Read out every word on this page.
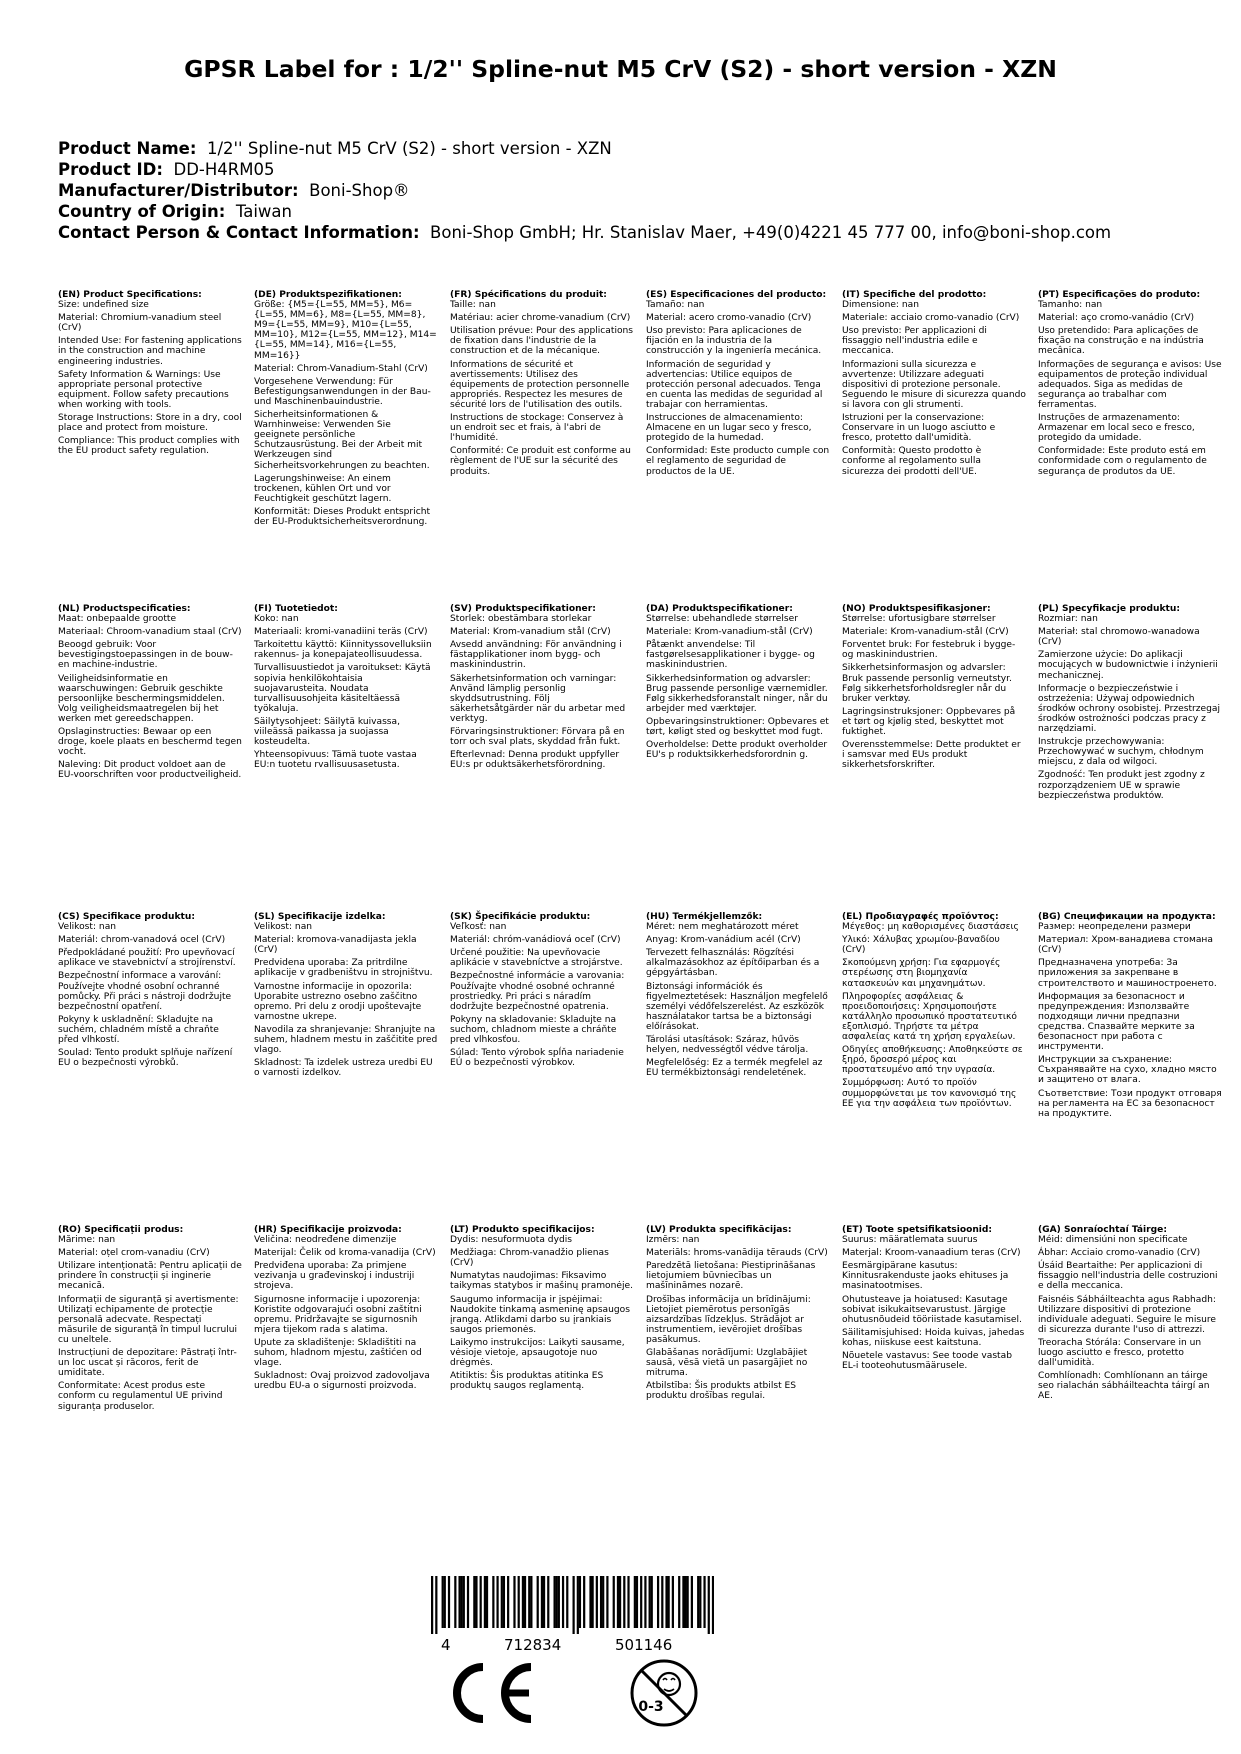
GPSR Label for : 1/2'' Spline-nut M5 CrV (S2) - short version - XZN
Product Name: 1/2'' Spline-nut M5 CrV (S2) - short version - XZN
Product ID: DD-H4RM05
Manufacturer/Distributor: Boni-Shop®
Country of Origin: Taiwan
Contact Person & Contact Information: Boni-Shop GmbH; Hr. Stanislav Maer, +49(0)4221 45 777 00, info@boni-shop.com
(EN) Product Specifications:
Size: undefined size
Material: Chromium-vanadium steel (CrV)
Intended Use: For fastening applications in the construction and machine engineering industries.
Safety Information & Warnings: Use appropriate personal protective equipment. Follow safety precautions when working with tools.
Storage Instructions: Store in a dry, cool place and protect from moisture.
Compliance: This product complies with the EU product safety regulation.
(DE) Produktspezifikationen:
Größe: {M5={L=55, MM=5}, M6={L=55, MM=6}, M8={L=55, MM=8}, M9={L=55, MM=9}, M10={L=55, MM=10}, M12={L=55, MM=12}, M14={L=55, MM=14}, M16={L=55, MM=16}}
Material: Chrom-Vanadium-Stahl (CrV)
Vorgesehene Verwendung: Für Befestigungsanwendungen in der Bau- und Maschinenbauindustrie.
Sicherheitsinformationen & Warnhinweise: Verwenden Sie geeignete persönliche Schutzausrüstung. Bei der Arbeit mit Werkzeugen sind Sicherheitsvorkehrungen zu beachten.
Lagerungshinweise: An einem trockenen, kühlen Ort und vor Feuchtigkeit geschützt lagern.
Konformität: Dieses Produkt entspricht der EU-Produktsicherheitsverordnung.
(FR) Spécifications du produit:
Taille: nan
Matériau: acier chrome-vanadium (CrV)
Utilisation prévue: Pour des applications de fixation dans l'industrie de la construction et de la mécanique.
Informations de sécurité et avertissements: Utilisez des équipements de protection personnelle appropriés. Respectez les mesures de sécurité lors de l'utilisation des outils.
Instructions de stockage: Conservez à un endroit sec et frais, à l'abri de l'humidité.
Conformité: Ce produit est conforme au règlement de l'UE sur la sécurité des produits.
(ES) Especificaciones del producto:
Tamaño: nan
Material: acero cromo-vanadio (CrV)
Uso previsto: Para aplicaciones de fijación en la industria de la construcción y la ingeniería mecánica.
Información de seguridad y advertencias: Utilice equipos de protección personal adecuados. Tenga en cuenta las medidas de seguridad al trabajar con herramientas.
Instrucciones de almacenamiento: Almacene en un lugar seco y fresco, protegido de la humedad.
Conformidad: Este producto cumple con el reglamento de seguridad de productos de la UE.
(IT) Specifiche del prodotto:
Dimensione: nan
Materiale: acciaio cromo-vanadio (CrV)
Uso previsto: Per applicazioni di fissaggio nell'industria edile e meccanica.
Informazioni sulla sicurezza e avvertenze: Utilizzare adeguati dispositivi di protezione personale. Seguendo le misure di sicurezza quando si lavora con gli strumenti.
Istruzioni per la conservazione: Conservare in un luogo asciutto e fresco, protetto dall'umidità.
Conformità: Questo prodotto è conforme al regolamento sulla sicurezza dei prodotti dell'UE.
(PT) Especificações do produto:
Tamanho: nan
Material: aço cromo-vanádio (CrV)
Uso pretendido: Para aplicações de fixação na construção e na indústria mecânica.
Informações de segurança e avisos: Use equipamentos de proteção individual adequados. Siga as medidas de segurança ao trabalhar com ferramentas.
Instruções de armazenamento: Armazenar em local seco e fresco, protegido da umidade.
Conformidade: Este produto está em conformidade com o regulamento de segurança de produtos da UE.
(NL) Productspecificaties:
Maat: onbepaalde grootte
Materiaal: Chroom-vanadium staal (CrV)
Beoogd gebruik: Voor bevestigingstoepassingen in de bouw- en machine-industrie.
Veiligheidsinformatie en waarschuwingen: Gebruik geschikte persoonlijke beschermingsmiddelen. Volg veiligheidsmaatregelen bij het werken met gereedschappen.
Opslaginstructies: Bewaar op een droge, koele plaats en beschermd tegen vocht.
Naleving: Dit product voldoet aan de EU-voorschriften voor productveiligheid.
(FI) Tuotetiedot:
Koko: nan
Materiaali: kromi-vanadiini teräs (CrV)
Tarkoitettu käyttö: Kiinnityssovelluksiin rakennus- ja konepajateollisuudessa.
Turvallisuustiedot ja varoitukset: Käytä sopivia henkilökohtaisia suojavarusteita. Noudata turvallisuusohjeita käsiteltäessä työkaluja.
Säilytysohjeet: Säilytä kuivassa, viileässä paikassa ja suojassa kosteudelta.
Yhteensopivuus: Tämä tuote vastaa EU:n tuotetu rvallisuusasetusta.
(SV) Produktspecifikationer:
Storlek: obestämbara storlekar
Material: Krom-vanadium stål (CrV)
Avsedd användning: För användning i fästapplikationer inom bygg- och maskinindustrin.
Säkerhetsinformation och varningar: Använd lämplig personlig skyddsutrustning. Följ säkerhetsåtgärder när du arbetar med verktyg.
Förvaringsinstruktioner: Förvara på en torr och sval plats, skyddad från fukt.
Efterlevnad: Denna produkt uppfyller EU:s pr oduktsäkerhetsförordning.
(DA) Produktspecifikationer:
Størrelse: ubehandlede størrelser
Materiale: Krom-vanadium-stål (CrV)
Påtænkt anvendelse: Til fastgørelsesapplikationer i bygge- og maskinindustrien.
Sikkerhedsinformation og advarsler: Brug passende personlige værnemidler. Følg sikkerhedsforanstalt ninger, når du arbejder med værktøjer.
Opbevaringsinstruktioner: Opbevares et tørt, køligt sted og beskyttet mod fugt.
Overholdelse: Dette produkt overholder EU's p roduktsikkerhedsforordnin g.
(NO) Produktspesifikasjoner:
Størrelse: ufortusigbare størrelser
Materiale: Krom-vanadium-stål (CrV)
Forventet bruk: For festebruk i bygge- og maskinindustrien.
Sikkerhetsinformasjon og advarsler: Bruk passende personlig verneutstyr. Følg sikkerhetsforholdsregler når du bruker verktøy.
Lagringsinstruksjoner: Oppbevares på et tørt og kjølig sted, beskyttet mot fuktighet.
Overensstemmelse: Dette produktet er i samsvar med EUs produkt sikkerhetsforskrifter.
(PL) Specyfikacje produktu:
Rozmiar: nan
Materiał: stal chromowo-wanadowa (CrV)
Zamierzone użycie: Do aplikacji mocujących w budownictwie i inżynierii mechanicznej.
Informacje o bezpieczeństwie i ostrzeżenia: Używaj odpowiednich środków ochrony osobistej. Przestrzegaj środków ostrożności podczas pracy z narzędziami.
Instrukcje przechowywania: Przechowywać w suchym, chłodnym miejscu, z dala od wilgoci.
Zgodność: Ten produkt jest zgodny z rozporządzeniem UE w sprawie bezpieczeństwa produktów.
(CS) Specifikace produktu:
Velikost: nan
Materiál: chrom-vanadová ocel (CrV)
Předpokládané použití: Pro upevňovací aplikace ve stavebnictví a strojírenství.
Bezpečnostní informace a varování: Používejte vhodné osobní ochranné pomůcky. Při práci s nástroji dodržujte bezpečnostní opatření.
Pokyny k uskladnění: Skladujte na suchém, chladném místě a chraňte před vlhkostí.
Soulad: Tento produkt splňuje nařízení EU o bezpečnosti výrobků.
(SL) Specifikacije izdelka:
Velikost: nan
Material: kromova-vanadijasta jekla (CrV)
Predvidena uporaba: Za pritrdilne aplikacije v gradbeništvu in strojništvu.
Varnostne informacije in opozorila: Uporabite ustrezno osebno zaščitno opremo. Pri delu z orodji upoštevajte varnostne ukrepe.
Navodila za shranjevanje: Shranjujte na suhem, hladnem mestu in zaščitite pred vlago.
Skladnost: Ta izdelek ustreza uredbi EU o varnosti izdelkov.
(SK) Špecifikácie produktu:
Veľkosť: nan
Materiál: chróm-vanádiová oceľ (CrV)
Určené použitie: Na upevňovacie aplikácie v stavebníctve a strojárstve.
Bezpečnostné informácie a varovania: Používajte vhodné osobné ochranné prostriedky. Pri práci s náradím dodržujte bezpečnostné opatrenia.
Pokyny na skladovanie: Skladujte na suchom, chladnom mieste a chráňte pred vlhkosťou.
Súlad: Tento výrobok spĺňa nariadenie EÚ o bezpečnosti výrobkov.
(HU) Termékjellemzők:
Méret: nem meghatározott méret
Anyag: Krom-vanádium acél (CrV)
Tervezett felhasználás: Rögzítési alkalmazásokhoz az építőiparban és a gépgyártásban.
Biztonsági információk és figyelmeztetések: Használjon megfelelő személyi védőfelszerelést. Az eszközök használatakor tartsa be a biztonsági előírásokat.
Tárolási utasítások: Száraz, hűvös helyen, nedvességtől védve tárolja.
Megfelelőség: Ez a termék megfelel az EU termékbiztonsági rendeletének.
(EL) Προδιαγραφές προϊόντος:
Μέγεθος: μη καθορισμένες διαστάσεις
Υλικό: Χάλυβας χρωμίου-βαναδίου (CrV)
Σκοπούμενη χρήση: Για εφαρμογές στερέωσης στη βιομηχανία κατασκευών και μηχανημάτων.
Πληροφορίες ασφάλειας & προειδοποιήσεις: Χρησιμοποιήστε κατάλληλο προσωπικό προστατευτικό εξοπλισμό. Τηρήστε τα μέτρα ασφαλείας κατά τη χρήση εργαλείων.
Οδηγίες αποθήκευσης: Αποθηκεύστε σε ξηρό, δροσερό μέρος και προστατευμένο από την υγρασία.
Συμμόρφωση: Αυτό το προϊόν συμμορφώνεται με τον κανονισμό της ΕΕ για την ασφάλεια των προϊόντων.
(BG) Спецификации на продукта:
Размер: неопределени размери
Материал: Хром-ванадиева стомана (CrV)
Предназначена употреба: За приложения за закрепване в строителството и машиностроенето.
Информация за безопасност и предупреждения: Използвайте подходящи лични предпазни средства. Спазвайте мерките за безопасност при работа с инструменти.
Инструкции за съхранение: Съхранявайте на сухо, хладно място и защитено от влага.
Съответствие: Този продукт отговаря на регламента на ЕС за безопасност на продуктите.
(RO) Specificații produs:
Mărime: nan
Material: oțel crom-vanadiu (CrV)
Utilizare intenționată: Pentru aplicații de prindere în construcții și inginerie mecanică.
Informații de siguranță și avertismente: Utilizați echipamente de protecție personală adecvate. Respectați măsurile de siguranță în timpul lucrului cu uneltele.
Instrucțiuni de depozitare: Păstrați într-un loc uscat și răcoros, ferit de umiditate.
Conformitate: Acest produs este conform cu regulamentul UE privind siguranța produselor.
(HR) Specifikacije proizvoda:
Veličina: neodređene dimenzije
Materijal: Čelik od kroma-vanadija (CrV)
Predviđena uporaba: Za primjene vezivanja u građevinskoj i industriji strojeva.
Sigurnosne informacije i upozorenja: Koristite odgovarajući osobni zaštitni opremu. Pridržavajte se sigurnosnih mjera tijekom rada s alatima.
Upute za skladištenje: Skladištiti na suhom, hladnom mjestu, zaštićen od vlage.
Sukladnost: Ovaj proizvod zadovoljava uredbu EU-a o sigurnosti proizvoda.
(LT) Produkto specifikacijos:
Dydis: nesuformuota dydis
Medžiaga: Chrom-vanadžio plienas (CrV)
Numatytas naudojimas: Fiksavimo taikymas statybos ir mašinų pramonėje.
Saugumo informacija ir įspėjimai: Naudokite tinkamą asmeninę apsaugos įrangą. Atlikdami darbo su įrankiais saugos priemonės.
Laikymo instrukcijos: Laikyti sausame, vėsioje vietoje, apsaugotoje nuo drėgmės.
Atitiktis: Šis produktas atitinka ES produktų saugos reglamentą.
(LV) Produkta specifikācijas:
Izmērs: nan
Materiāls: hroms-vanādija tērauds (CrV)
Paredzētā lietošana: Piestiprināšanas lietojumiem būvniecības un mašīnināmes nozarē.
Drošības informācija un brīdinājumi: Lietojiet piemērotus personīgās aizsardzības līdzekļus. Strādājot ar instrumentiem, ievērojiet drošības pasākumus.
Glabāšanas norādījumi: Uzglabājiet sausā, vēsā vietā un pasargājiet no mitruma.
Atbilstība: Šis produkts atbilst ES produktu drošības regulai.
(ET) Toote spetsifikatsioonid:
Suurus: määratlemata suurus
Materjal: Kroom-vanaadium teras (CrV)
Eesmärgipärane kasutus: Kinnitusrakenduste jaoks ehituses ja masinatootmises.
Ohutusteave ja hoiatused: Kasutage sobivat isikukaitsevarustust. Järgige ohutusnõudeid tööriistade kasutamisel.
Säilitamisjuhised: Hoida kuivas, jahedas kohas, niiskuse eest kaitstuna.
Nõuetele vastavus: See toode vastab EL-i tooteohutusmäärusele.
(GA) Sonraíochtaí Táirge:
Méid: dimensiúni non specificate
Ábhar: Acciaio cromo-vanadio (CrV)
Úsáid Beartaithe: Per applicazioni di fissaggio nell'industria delle costruzioni e della meccanica.
Faisnéis Sábháilteachta agus Rabhadh: Utilizzare dispositivi di protezione individuale adeguati. Seguire le misure di sicurezza durante l'uso di attrezzi.
Treoracha Stórála: Conservare in un luogo asciutto e fresco, protetto dall'umidità.
Comhlíonadh: Comhlíonann an táirge seo rialachán sábháilteachta táirgí an AE.
4	712834	501146
0-3
